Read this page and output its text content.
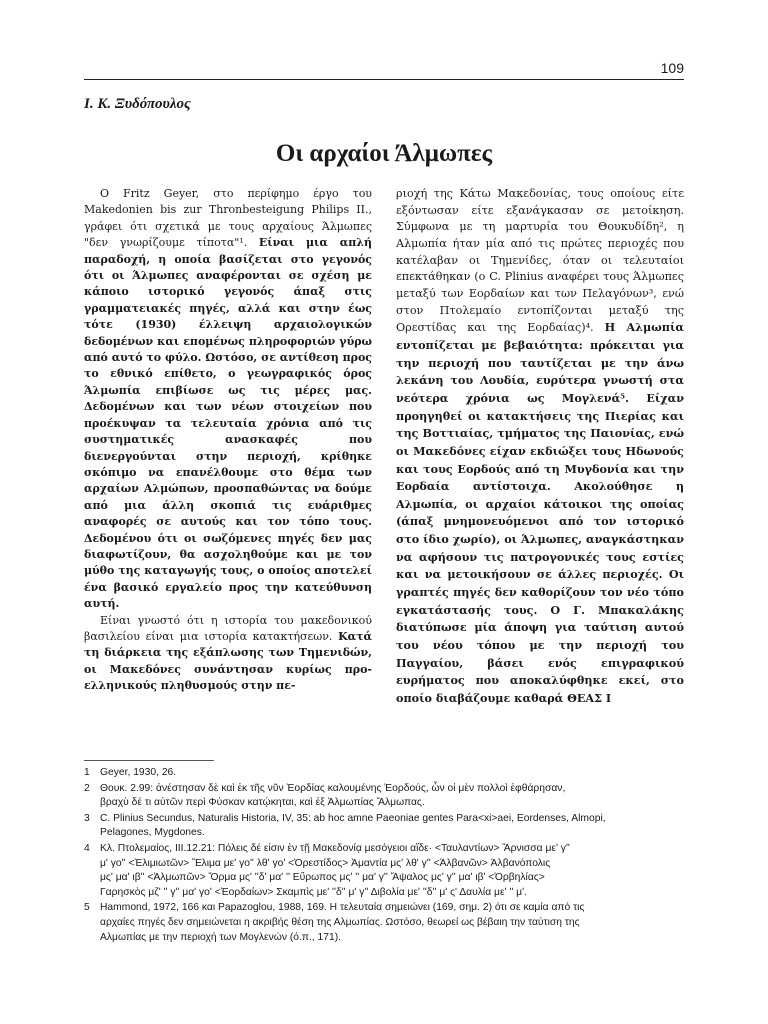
109
Ι. Κ. Ξυδόπουλος
Οι αρχαίοι Άλμωπες

Ο Fritz Geyer, στο περίφημο έργο του Makedonien bis zur Thronbesteigung Philips II., γράφει ότι σχετικά με τους αρχαίους Άλμωπες "δεν γνωρίζουμε τίποτα"¹. Είναι μια απλή παραδοχή, η οποία βασίζεται στο γεγονός ότι οι Άλμωπες αναφέρονται σε σχέση με κάποιο ιστορικό γεγονός άπαξ στις γραμματειακές πηγές, αλλά και στην έως τότε (1930) έλλειψη αρχαιολογικών δεδομένων και επομένως πληροφοριών γύρω από αυτό το φύλο. Ωστόσο, σε αντίθεση προς το εθνικό επίθετο, ο γεωγραφικός όρος Άλμωπία επιβίωσε ως τις μέρες μας. Δεδομένων και των νέων στοιχείων που προέκυψαν τα τελευταία χρόνια από τις συστηματικές ανασκαφές που διενεργούνται στην περιοχή, κρίθηκε σκόπιμο να επανέλθουμε στο θέμα των αρχαίων Αλμώπων, προσπαθώντας να δούμε από μια άλλη σκοπιά τις ευάριθμες αναφορές σε αυτούς και τον τόπο τους. Δεδομένου ότι οι σωζόμενες πηγές δεν μας διαφωτίζουν, θα ασχοληθούμε και με τον μύθο της καταγωγής τους, ο οποίος αποτελεί ένα βασικό εργαλείο προς την κατεύθυνση αυτή.

Είναι γνωστό ότι η ιστορία του μακεδονικού βασιλείου είναι μια ιστορία κατακτήσεων. Κατά τη διάρκεια της εξάπλωσης των Τημενιδών, οι Μακεδόνες συνάντησαν κυρίως προ-ελληνικούς πληθυσμούς στην πε-

ριοχή της Κάτω Μακεδονίας, τους οποίους είτε εξόντωσαν είτε εξανάγκασαν σε μετοίκηση. Σύμφωνα με τη μαρτυρία του Θουκυδίδη², η Αλμωπία ήταν μία από τις πρώτες περιοχές που κατέλαβαν οι Τημενίδες, όταν οι τελευταίοι επεκτάθηκαν (ο C. Plinius αναφέρει τους Άλμωπες μεταξύ των Εορδαίων και των Πελαγόνων³, ενώ στον Πτολεμαίο εντοπίζονται μεταξύ της Ορεστίδας και της Εορδαίας)⁴. Η Αλμωπία εντοπίζεται με βεβαιότητα: πρόκειται για την περιοχή που ταυτίζεται με την άνω λεκάνη του Λουδία, ευρύτερα γνωστή στα νεότερα χρόνια ως Μογλενά⁵. Είχαν προηγηθεί οι κατακτήσεις της Πιερίας και της Βοττιαίας, τμήματος της Παιονίας, ενώ οι Μακεδόνες είχαν εκδιώξει τους Ηδωνούς και τους Εορδούς από τη Μυγδονία και την Εορδαία αντίστοιχα. Ακολούθησε η Αλμωπία, οι αρχαίοι κάτοικοι της οποίας (άπαξ μνημονευόμενοι από τον ιστορικό στο ίδιο χωρίο), οι Άλμωπες, αναγκάστηκαν να αφήσουν τις πατρογονικές τους εστίες και να μετοικήσουν σε άλλες περιοχές. Οι γραπτές πηγές δεν καθορίζουν τον νέο τόπο εγκατάστασής τους. Ο Γ. Μπακαλάκης διατύπωσε μία άποψη για ταύτιση αυτού του νέου τόπου με την περιοχή του Παγγαίου, βάσει ενός επιγραφικού ευρήματος που αποκαλύφθηκε εκεί, στο οποίο διαβάζουμε καθαρά ΘΕΑΣ Ι

1 Geyer, 1930, 26.
2 Θουκ. 2.99: ἀνέστησαν δὲ καὶ ἐκ τῆς νῦν Ἐορδίας καλουμένης Ἐορδούς, ὧν οἱ μὲν πολλοὶ ἐφθάρησαν,
βραχὺ δέ τι αὐτῶν περὶ Φύσκαν κατῴκηται, καὶ ἐξ Ἀλμωπίας Ἄλμωπας.
3 C. Plinius Secundus, Naturalis Historia, IV, 35: ab hoc amne Paeoniae gentes Para<xi>aei, Eordenses, Almopi,
Pelagones, Mygdones.
4 Κλ. Πτολεμαίος, III.12.21: Πόλεις δέ εἰσιν ἐν τῇ Μακεδονίᾳ μεσόγειοι αἵδε· <Ταυλαντίων> Ἄρνισσα μεʹ γʹʹ
μʹ γοʹʹ <Ἐλιμιωτῶν> Ἔλιμα μεʹ γοʹʹ λθʹ γοʹ <Ὀρεστίδος> Ἀμαντία μςʹ λθʹ γʹʹ <Ἀλβανῶν> Ἀλβανόπολις
μςʹ μαʹ ιβʹʹ <Ἀλμωπῶν> Ὄρμα μςʹ ʹʹδʹ μαʹ ʹʹ Εὔρωπος μςʹ ʹʹ μαʹ γʹʹ Ἄψαλος μςʹ γʹʹ μαʹ ιβʹ <Ὀρβηλίας>
Γαρησκὸς μζʹ ʹʹ γʹʹ μαʹ γοʹ <Ἐορδαίων> Σκαμπὶς μεʹ ʹʹδʹʹ μʹ γʹʹ Διβολία μεʹ ʹʹδʹʹ μʹ ςʹ Δαυλία μεʹ ʹʹ μʹ.
5 Hammond, 1972, 166 και Papazoglou, 1988, 169. Η τελευταία σημειώνει (169, σημ. 2) ότι σε καμία από τις
αρχαίες πηγές δεν σημειώνεται η ακριβής θέση της Αλμωπίας. Ωστόσο, θεωρεί ως βέβαιη την ταύτιση της
Αλμωπίας με την περιοχή των Μογλενών (ό.π., 171).
